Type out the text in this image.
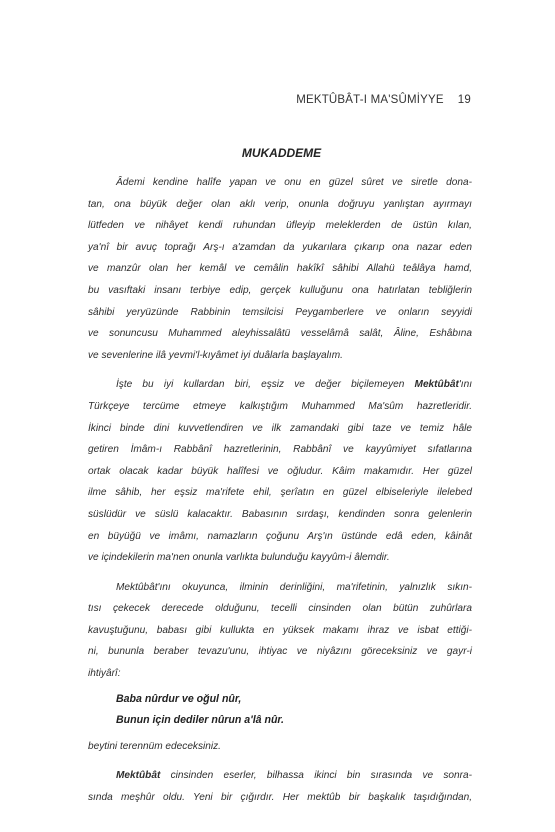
MEKTÛBÂT-I MA'SÛMİYYE 19
MUKADDEME
Âdemi kendine halîfe yapan ve onu en güzel sûret ve siretle dona-
tan, ona büyük değer olan aklı verip, onunla doğruyu yanlıştan ayırmayı
lütfeden ve nihâyet kendi ruhundan üfleyip meleklerden de üstün kılan,
ya'nî bir avuç toprağı Arş-ı a'zamdan da yukarılara çıkarıp ona nazar eden
ve manzûr olan her kemâl ve cemâlin hakîkî sâhibi Allahü teâlâya hamd,
bu vasıftaki insanı terbiye edip, gerçek kulluğunu ona hatırlatan tebliğlerin
sâhibi yeryüzünde Rabbinin temsilcisi Peygamberlere ve onların seyyidi
ve sonuncusu Muhammed aleyhissalâtü vesselâmâ salât, Âline, Eshâbına
ve sevenlerine ilâ yevmi'l-kıyâmet iyi duâlarla başlayalım.
İşte bu iyi kullardan biri, eşsiz ve değer biçilemeyen Mektûbât'ını
Türkçeye tercüme etmeye kalkıştığım Muhammed Ma'sûm hazretleridir.
İkinci binde dini kuvvetlendiren ve ilk zamandaki gibi taze ve temiz hâle
getiren İmâm-ı Rabbânî hazretlerinin, Rabbânî ve kayyûmiyet sıfatlarına
ortak olacak kadar büyük halîfesi ve oğludur. Kâim makamıdır. Her güzel
ilme sâhib, her eşsiz ma'rifete ehil, şerîatın en güzel elbiseleriyle ilelebed
süslüdür ve süslü kalacaktır. Babasının sırdaşı, kendinden sonra gelenlerin
en büyüğü ve imâmı, namazların çoğunu Arş'ın üstünde edâ eden, kâinât
ve içindekilerin ma'nen onunla varlıkta bulunduğu kayyûm-i âlemdir.
Mektûbât'ını okuyunca, ilminin derinliğini, ma'rifetinin, yalnızlık sıkın-
tısı çekecek derecede olduğunu, tecelli cinsinden olan bütün zuhûrlara
kavuştuğunu, babası gibi kullukta en yüksek makamı ihraz ve isbat ettiği-
ni, bununla beraber tevazu'unu, ihtiyac ve niyâzını göreceksiniz ve gayr-i
ihtiyârî:
Baba nûrdur ve oğul nûr,
Bunun için dediler nûrun a'lâ nûr.
beytini terennüm edeceksiniz.
Mektûbât cinsinden eserler, bilhassa ikinci bin sırasında ve sonra-
sında meşhûr oldu. Yeni bir çığırdır. Her mektûb bir başkalık taşıdığından,
